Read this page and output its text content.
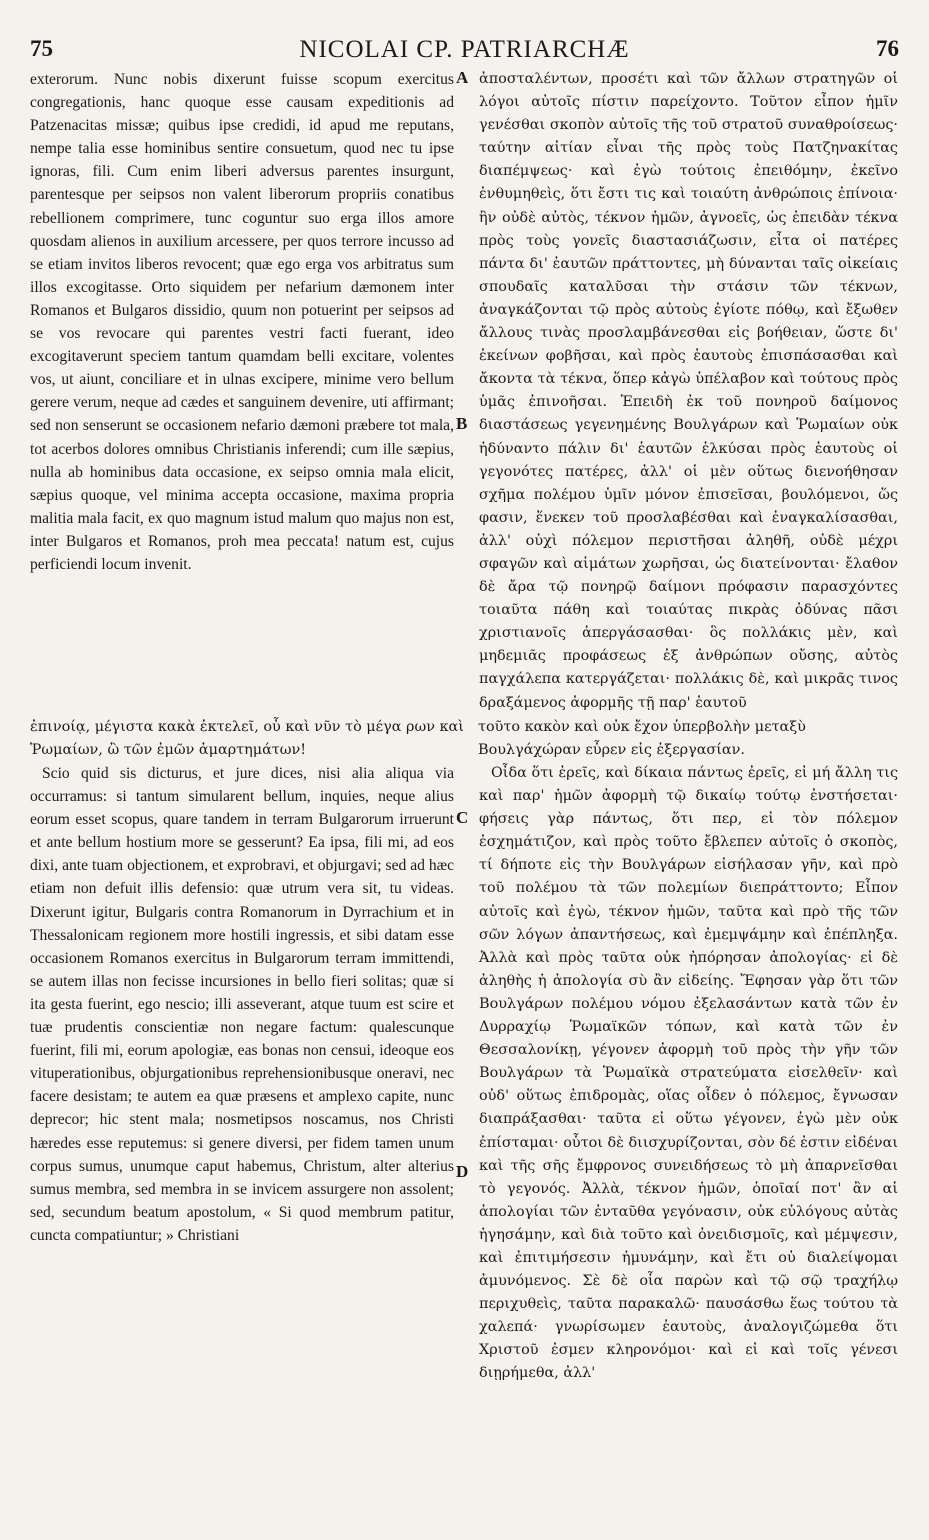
75	NICOLAI CP. PATRIARCHÆ	76
A
B
C
D

exterorum. Nunc nobis dixerunt fuisse scopum exercitus congregationis, hanc quoque esse causam expeditionis ad Patzenacitas missæ; quibus ipse credidi, id apud me reputans, nempe talia esse hominibus sentire consuetum, quod nec tu ipse ignoras, fili. Cum enim liberi adversus parentes insurgunt, parentesque per seipsos non valent liberorum propriis conatibus rebellionem comprimere, tunc coguntur suo erga illos amore quosdam alienos in auxilium arcessere, per quos terrore incusso ad se etiam invitos liberos revocent; quæ ego erga vos arbitratus sum illos excogitasse. Orto siquidem per nefarium dæmonem inter Romanos et Bulgaros dissidio, quum non potuerint per seipsos ad se vos revocare qui parentes vestri facti fuerant, ideo excogitaverunt speciem tantum quamdam belli excitare, volentes vos, ut aiunt, conciliare et in ulnas excipere, minime vero bellum gerere verum, neque ad cædes et sanguinem devenire, uti affirmant; sed non senserunt se occasionem nefario dæmoni præbere tot mala, tot acerbos dolores omnibus Christianis inferendi; cum ille sæpius, nulla ab hominibus data occasione, ex seipso omnia mala elicit, sæpius quoque, vel minima accepta occasione, maxima propria malitia mala facit, ex quo magnum istud malum quo majus non est, inter Bulgaros et Romanos, proh mea peccata! natum est, cujus perficiendi locum invenit.

ἀποσταλέντων, προσέτι καὶ τῶν ἄλλων στρατηγῶν οἱ λόγοι αὐτοῖς πίστιν παρείχοντο. Τοῦτον εἶπον ἡμῖν γενέσθαι σκοπὸν αὐτοῖς τῆς τοῦ στρατοῦ συναθροίσεως· ταύτην αἰτίαν εἶναι τῆς πρὸς τοὺς Πατζηνακίτας διαπέμψεως· καὶ ἐγὼ τούτοις ἐπειθόμην, ἐκεῖνο ἐνθυμηθεὶς, ὅτι ἔστι τις καὶ τοιαύτη ἀνθρώποις ἐπίνοια· ἣν οὐδὲ αὐτὸς, τέκνον ἡμῶν, ἀγνοεῖς, ὡς ἐπειδὰν τέκνα πρὸς τοὺς γονεῖς διαστασιάζωσιν, εἶτα οἱ πατέρες πάντα δι' ἑαυτῶν πράττοντες, μὴ δύνανται ταῖς οἰκείαις σπουδαῖς καταλῦσαι τὴν στάσιν τῶν τέκνων, ἀναγκάζονται τῷ πρὸς αὐτοὺς ἐγίοτε πόθῳ, καὶ ἔξωθεν ἄλλους τινὰς προσλαμβάνεσθαι εἰς βοήθειαν, ὥστε δι' ἐκείνων φοβῆσαι, καὶ πρὸς ἑαυτοὺς ἐπισπάσασθαι καὶ ἄκοντα τὰ τέκνα, ὅπερ κἀγὼ ὑπέλαβον καὶ τούτους πρὸς ὑμᾶς ἐπινοῆσαι. Ἐπειδὴ ἐκ τοῦ πονηροῦ δαίμονος διαστάσεως γεγενημένης Βουλγάρων καὶ Ῥωμαίων οὐκ ἠδύναντο πάλιν δι' ἑαυτῶν ἑλκύσαι πρὸς ἑαυτοὺς οἱ γεγονότες πατέρες, ἀλλ' οἱ μὲν οὕτως διενοήθησαν σχῆμα πολέμου ὑμῖν μόνον ἐπισεῖσαι, βουλόμενοι, ὥς φασιν, ἕνεκεν τοῦ προσλαβέσθαι καὶ ἐναγκαλίσασθαι, ἀλλ' οὐχὶ πόλεμον περιστῆσαι ἀληθῆ, οὐδὲ μέχρι σφαγῶν καὶ αἱμάτων χωρῆσαι, ὡς διατείνονται· ἔλαθον δὲ ἄρα τῷ πονηρῷ δαίμονι πρόφασιν παρασχόντες τοιαῦτα πάθη καὶ τοιαύτας πικρὰς ὀδύνας πᾶσι χριστιανοῖς ἀπεργάσασθαι· ὃς πολλάκις μὲν, καὶ μηδεμιᾶς προφάσεως ἐξ ἀνθρώπων οὔσης, αὐτὸς παγχάλεπα κατεργάζεται· πολλάκις δὲ, καὶ μικρᾶς τινος δραξάμενος ἀφορμῆς τῇ παρ' ἑαυτοῦ

ἐπινοίᾳ, μέγιστα κακὰ ἐκτελεῖ, οὗ καὶ νῦν τὸ μέγα ρων καὶ Ῥωμαίων, ὢ τῶν ἐμῶν ἁμαρτημάτων!τοῦτο κακὸν καὶ οὐκ ἔχον ὑπερβολὴν μεταξὺ Βουλγάχώραν εὗρεν εἰς ἐξεργασίαν.

Scio quid sis dicturus, et jure dices, nisi alia aliqua via occurramus: si tantum simularent bellum, inquies, neque alius eorum esset scopus, quare tandem in terram Bulgarorum irruerunt et ante bellum hostium more se gesserunt? Ea ipsa, fili mi, ad eos dixi, ante tuam objectionem, et exprobravi, et objurgavi; sed ad hæc etiam non defuit illis defensio: quæ utrum vera sit, tu videas. Dixerunt igitur, Bulgaris contra Romanorum in Dyrrachium et in Thessalonicam regionem more hostili ingressis, et sibi datam esse occasionem Romanos exercitus in Bulgarorum terram immittendi, se autem illas non fecisse incursiones in bello fieri solitas; quæ si ita gesta fuerint, ego nescio; illi asseverant, atque tuum est scire et tuæ prudentis conscientiæ non negare factum: qualescunque fuerint, fili mi, eorum apologiæ, eas bonas non censui, ideoque eos vituperationibus, objurgationibus reprehensionibusque oneravi, nec facere desistam; te autem ea quæ præsens et amplexo capite, nunc deprecor; hic stent mala; nosmetipsos noscamus, nos Christi hæredes esse reputemus: si genere diversi, per fidem tamen unum corpus sumus, unumque caput habemus, Christum, alter alterius sumus membra, sed membra in se invicem assurgere non assolent; sed, secundum beatum apostolum, « Si quod membrum patitur, cuncta compatiuntur; » Christiani

Οἶδα ὅτι ἐρεῖς, καὶ δίκαια πάντως ἐρεῖς, εἰ μή ἄλλη τις καὶ παρ' ἡμῶν ἀφορμὴ τῷ δικαίῳ τούτῳ ἐνστήσεται· φήσεις γὰρ πάντως, ὅτι περ, εἰ τὸν πόλεμον ἐσχημάτιζον, καὶ πρὸς τοῦτο ἔβλεπεν αὐτοῖς ὁ σκοπὸς, τί δήποτε εἰς τὴν Βουλγάρων εἰσήλασαν γῆν, καὶ πρὸ τοῦ πολέμου τὰ τῶν πολεμίων διεπράττοντο; Εἶπον αὐτοῖς καὶ ἐγὼ, τέκνον ἡμῶν, ταῦτα καὶ πρὸ τῆς τῶν σῶν λόγων ἀπαντήσεως, καὶ ἐμεμψάμην καὶ ἐπέπληξα. Ἀλλὰ καὶ πρὸς ταῦτα οὐκ ἠπόρησαν ἀπολογίας· εἰ δὲ ἀληθὴς ἡ ἀπολογία σὺ ἂν εἰδείης. Ἔφησαν γὰρ ὅτι τῶν Βουλγάρων πολέμου νόμου ἐξελασάντων κατὰ τῶν ἐν Δυρραχίῳ Ῥωμαϊκῶν τόπων, καὶ κατὰ τῶν ἐν Θεσσαλονίκῃ, γέγονεν ἀφορμὴ τοῦ πρὸς τὴν γῆν τῶν Βουλγάρων τὰ Ῥωμαϊκὰ στρατεύματα εἰσελθεῖν· καὶ οὐδ' οὕτως ἐπιδρομὰς, οἵας οἶδεν ὁ πόλεμος, ἔγνωσαν διαπράξασθαι· ταῦτα εἰ οὕτω γέγονεν, ἐγὼ μὲν οὐκ ἐπίσταμαι· οὗτοι δὲ διισχυρίζονται, σὸν δέ ἐστιν εἰδέναι καὶ τῆς σῆς ἔμφρονος συνειδήσεως τὸ μὴ ἀπαρνεῖσθαι τὸ γεγονός. Ἀλλὰ, τέκνον ἡμῶν, ὁποῖαί ποτ' ἂν αἱ ἀπολογίαι τῶν ἐνταῦθα γεγόνασιν, οὐκ εὐλόγους αὐτὰς ἡγησάμην, καὶ διὰ τοῦτο καὶ ὀνειδισμοῖς, καὶ μέμψεσιν, καὶ ἐπιτιμήσεσιν ἠμυνάμην, καὶ ἔτι οὐ διαλείψομαι ἀμυνόμενος. Σὲ δὲ οἷα παρὼν καὶ τῷ σῷ τραχήλῳ περιχυθεὶς, ταῦτα παρακαλῶ· παυσάσθω ἕως τούτου τὰ χαλεπά· γνωρίσωμεν ἑαυτοὺς, ἀναλογιζώμεθα ὅτι Χριστοῦ ἐσμεν κληρονόμοι· καὶ εἰ καὶ τοῖς γένεσι διῃρήμεθα, ἀλλ'
